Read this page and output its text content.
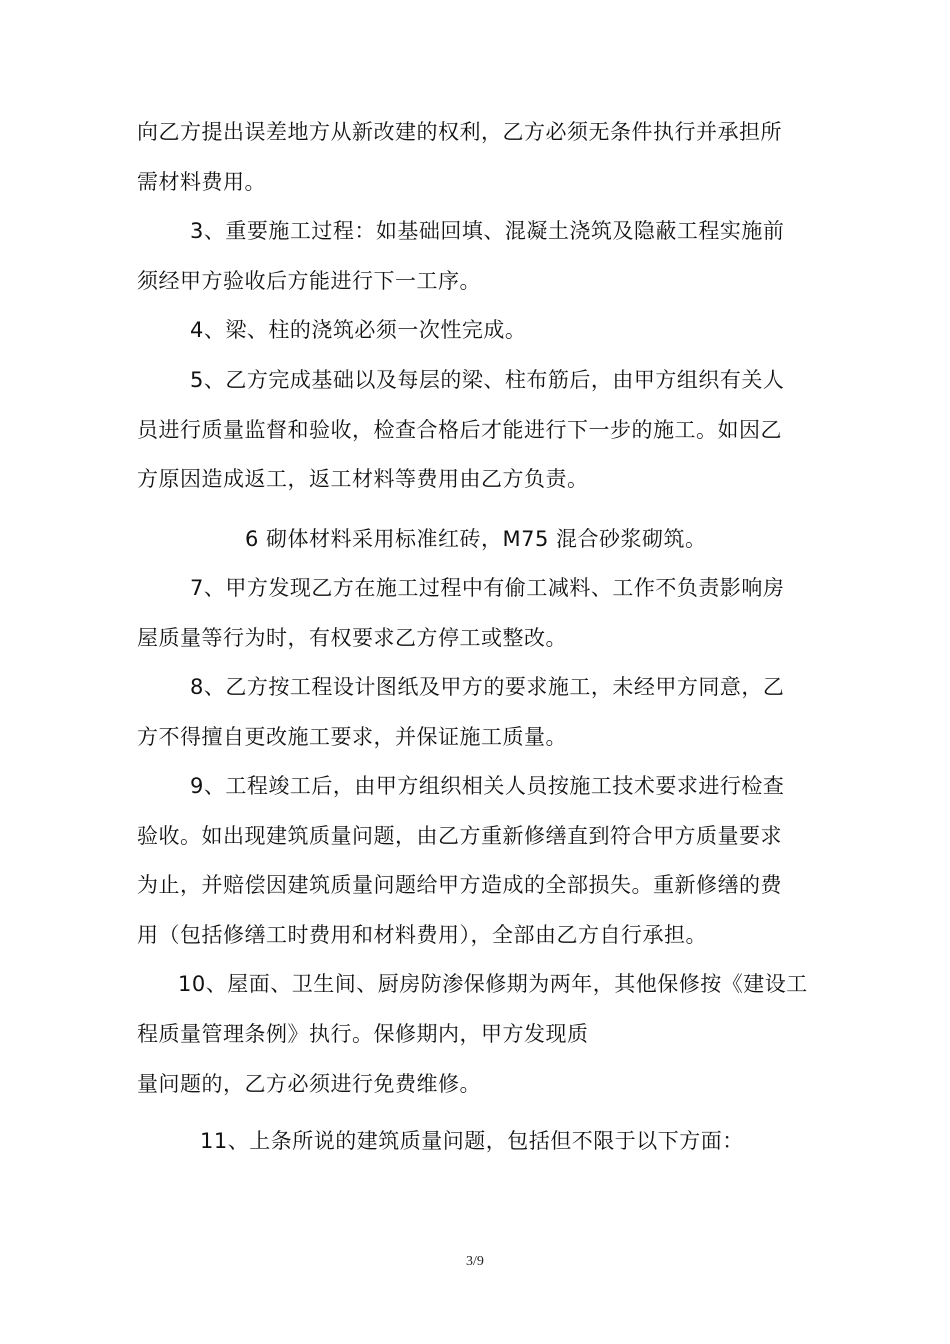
向乙方提出误差地方从新改建的权利，乙方必须无条件执行并承担所
需材料费用。
3、重要施工过程：如基础回填、混凝土浇筑及隐蔽工程实施前
须经甲方验收后方能进行下一工序。
4、梁、柱的浇筑必须一次性完成。
5、乙方完成基础以及每层的梁、柱布筋后，由甲方组织有关人
员进行质量监督和验收，检查合格后才能进行下一步的施工。如因乙
方原因造成返工，返工材料等费用由乙方负责。
6 砌体材料采用标准红砖，M75 混合砂浆砌筑。
7、甲方发现乙方在施工过程中有偷工减料、工作不负责影响房
屋质量等行为时，有权要求乙方停工或整改。
8、乙方按工程设计图纸及甲方的要求施工，未经甲方同意，乙
方不得擅自更改施工要求，并保证施工质量。
9、工程竣工后，由甲方组织相关人员按施工技术要求进行检查
验收。如出现建筑质量问题，由乙方重新修缮直到符合甲方质量要求
为止，并赔偿因建筑质量问题给甲方造成的全部损失。重新修缮的费
用（包括修缮工时费用和材料费用），全部由乙方自行承担。
10、屋面、卫生间、厨房防渗保修期为两年，其他保修按《建设工
程质量管理条例》执行。保修期内，甲方发现质
量问题的，乙方必须进行免费维修。
11、上条所说的建筑质量问题，包括但不限于以下方面：
3/9
